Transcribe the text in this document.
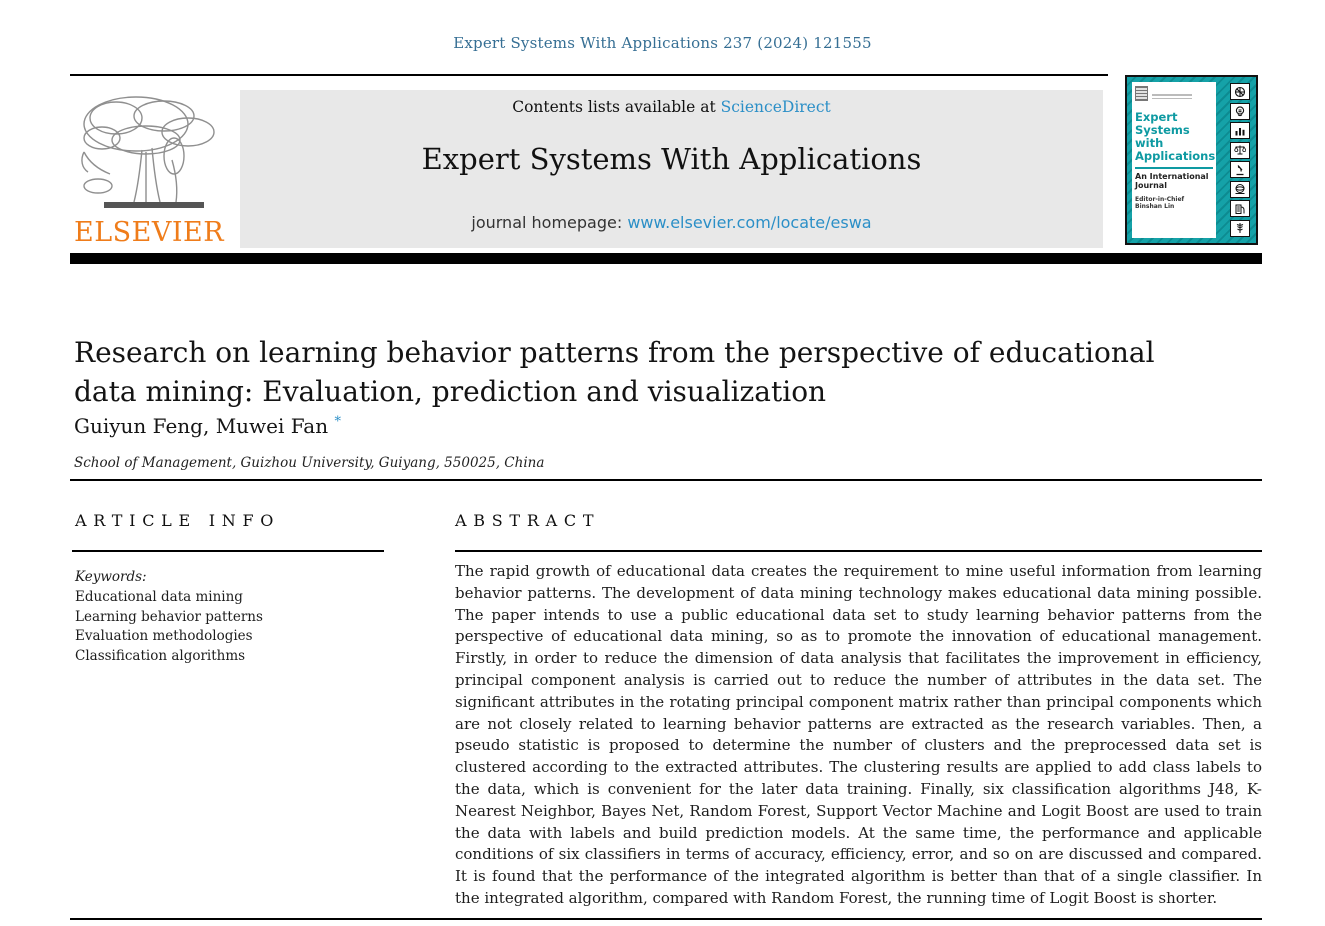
Expert Systems With Applications 237 (2024) 121555
ELSEVIER
Contents lists available at ScienceDirect
Expert Systems With Applications
journal homepage: www.elsevier.com/locate/eswa
Expert
Systems
with
Applications
An International Journal
Editor-in-Chief
Binshan Lin
Research on learning behavior patterns from the perspective of educational
data mining: Evaluation, prediction and visualization
Guiyun Feng, Muwei Fan *
School of Management, Guizhou University, Guiyang, 550025, China
ARTICLE INFO	ABSTRACT
Keywords:
Educational data mining
Learning behavior patterns
Evaluation methodologies
Classification algorithms
The rapid growth of educational data creates the requirement to mine useful information from learning behavior patterns. The development of data mining technology makes educational data mining possible. The paper intends to use a public educational data set to study learning behavior patterns from the perspective of educational data mining, so as to promote the innovation of educational management. Firstly, in order to reduce the dimension of data analysis that facilitates the improvement in efficiency, principal component analysis is carried out to reduce the number of attributes in the data set. The significant attributes in the rotating principal component matrix rather than principal components which are not closely related to learning behavior patterns are extracted as the research variables. Then, a pseudo statistic is proposed to determine the number of clusters and the preprocessed data set is clustered according to the extracted attributes. The clustering results are applied to add class labels to the data, which is convenient for the later data training. Finally, six classification algorithms J48, K-Nearest Neighbor, Bayes Net, Random Forest, Support Vector Machine and Logit Boost are used to train the data with labels and build prediction models. At the same time, the performance and applicable conditions of six classifiers in terms of accuracy, efficiency, error, and so on are discussed and compared. It is found that the performance of the integrated algorithm is better than that of a single classifier. In the integrated algorithm, compared with Random Forest, the running time of Logit Boost is shorter.
